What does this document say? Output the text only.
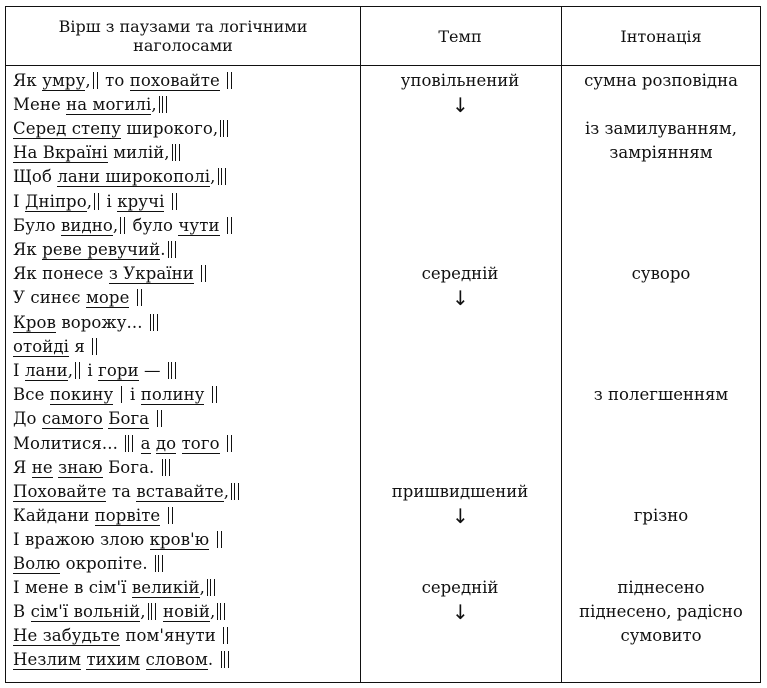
Вірш з паузами та логічними
наголосами	Темп	Інтонація
Як умру, то поховайте
Мене на могилі,
Серед степу широкого,
На Вкраїні милій,
Щоб лани широкополі,
І Дніпро, і кручі
Було видно, було чути
Як реве ревучий.
Як понесе з України
У синєє море
Кров ворожу...
отойді я
І лани, і гори —
Все покину  і полину
До самого Бога
Молитися...  а до того
Я не знаю Бога.
Поховайте та вставайте,
Кайдани порвіте
І вражою злою кров'ю
Волю окропіте.
І мене в сім'ї великій,
В сім'ї вольній, новій,
Не забудьте пом'янути
Незлим тихим словом.
уповільнений
середній
пришвидшений
середній
↓
↓
↓
↓
сумна розповідна
із замилуванням,
замріянням
суворо
з полегшенням
грізно
піднесено
піднесено, радісно
сумовито
